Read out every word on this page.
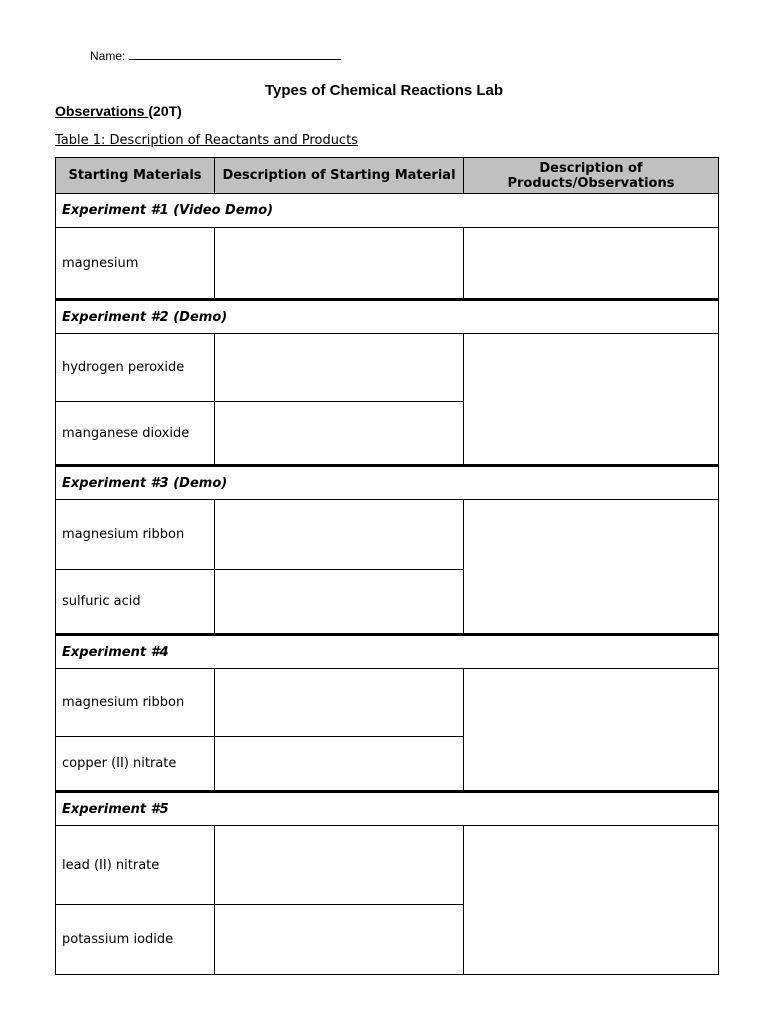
Name:
Types of Chemical Reactions Lab
Observations (20T)
Table 1: Description of Reactants and Products
Starting Materials	Description of Starting Material	Description of Products/Observations
Experiment #1 (Video Demo)		
magnesium		
Experiment #2 (Demo)		
hydrogen peroxide		
manganese dioxide		
Experiment #3 (Demo)		
magnesium ribbon		
sulfuric acid		
Experiment #4		
magnesium ribbon		
copper (II) nitrate		
Experiment #5		
lead (II) nitrate		
potassium iodide		
